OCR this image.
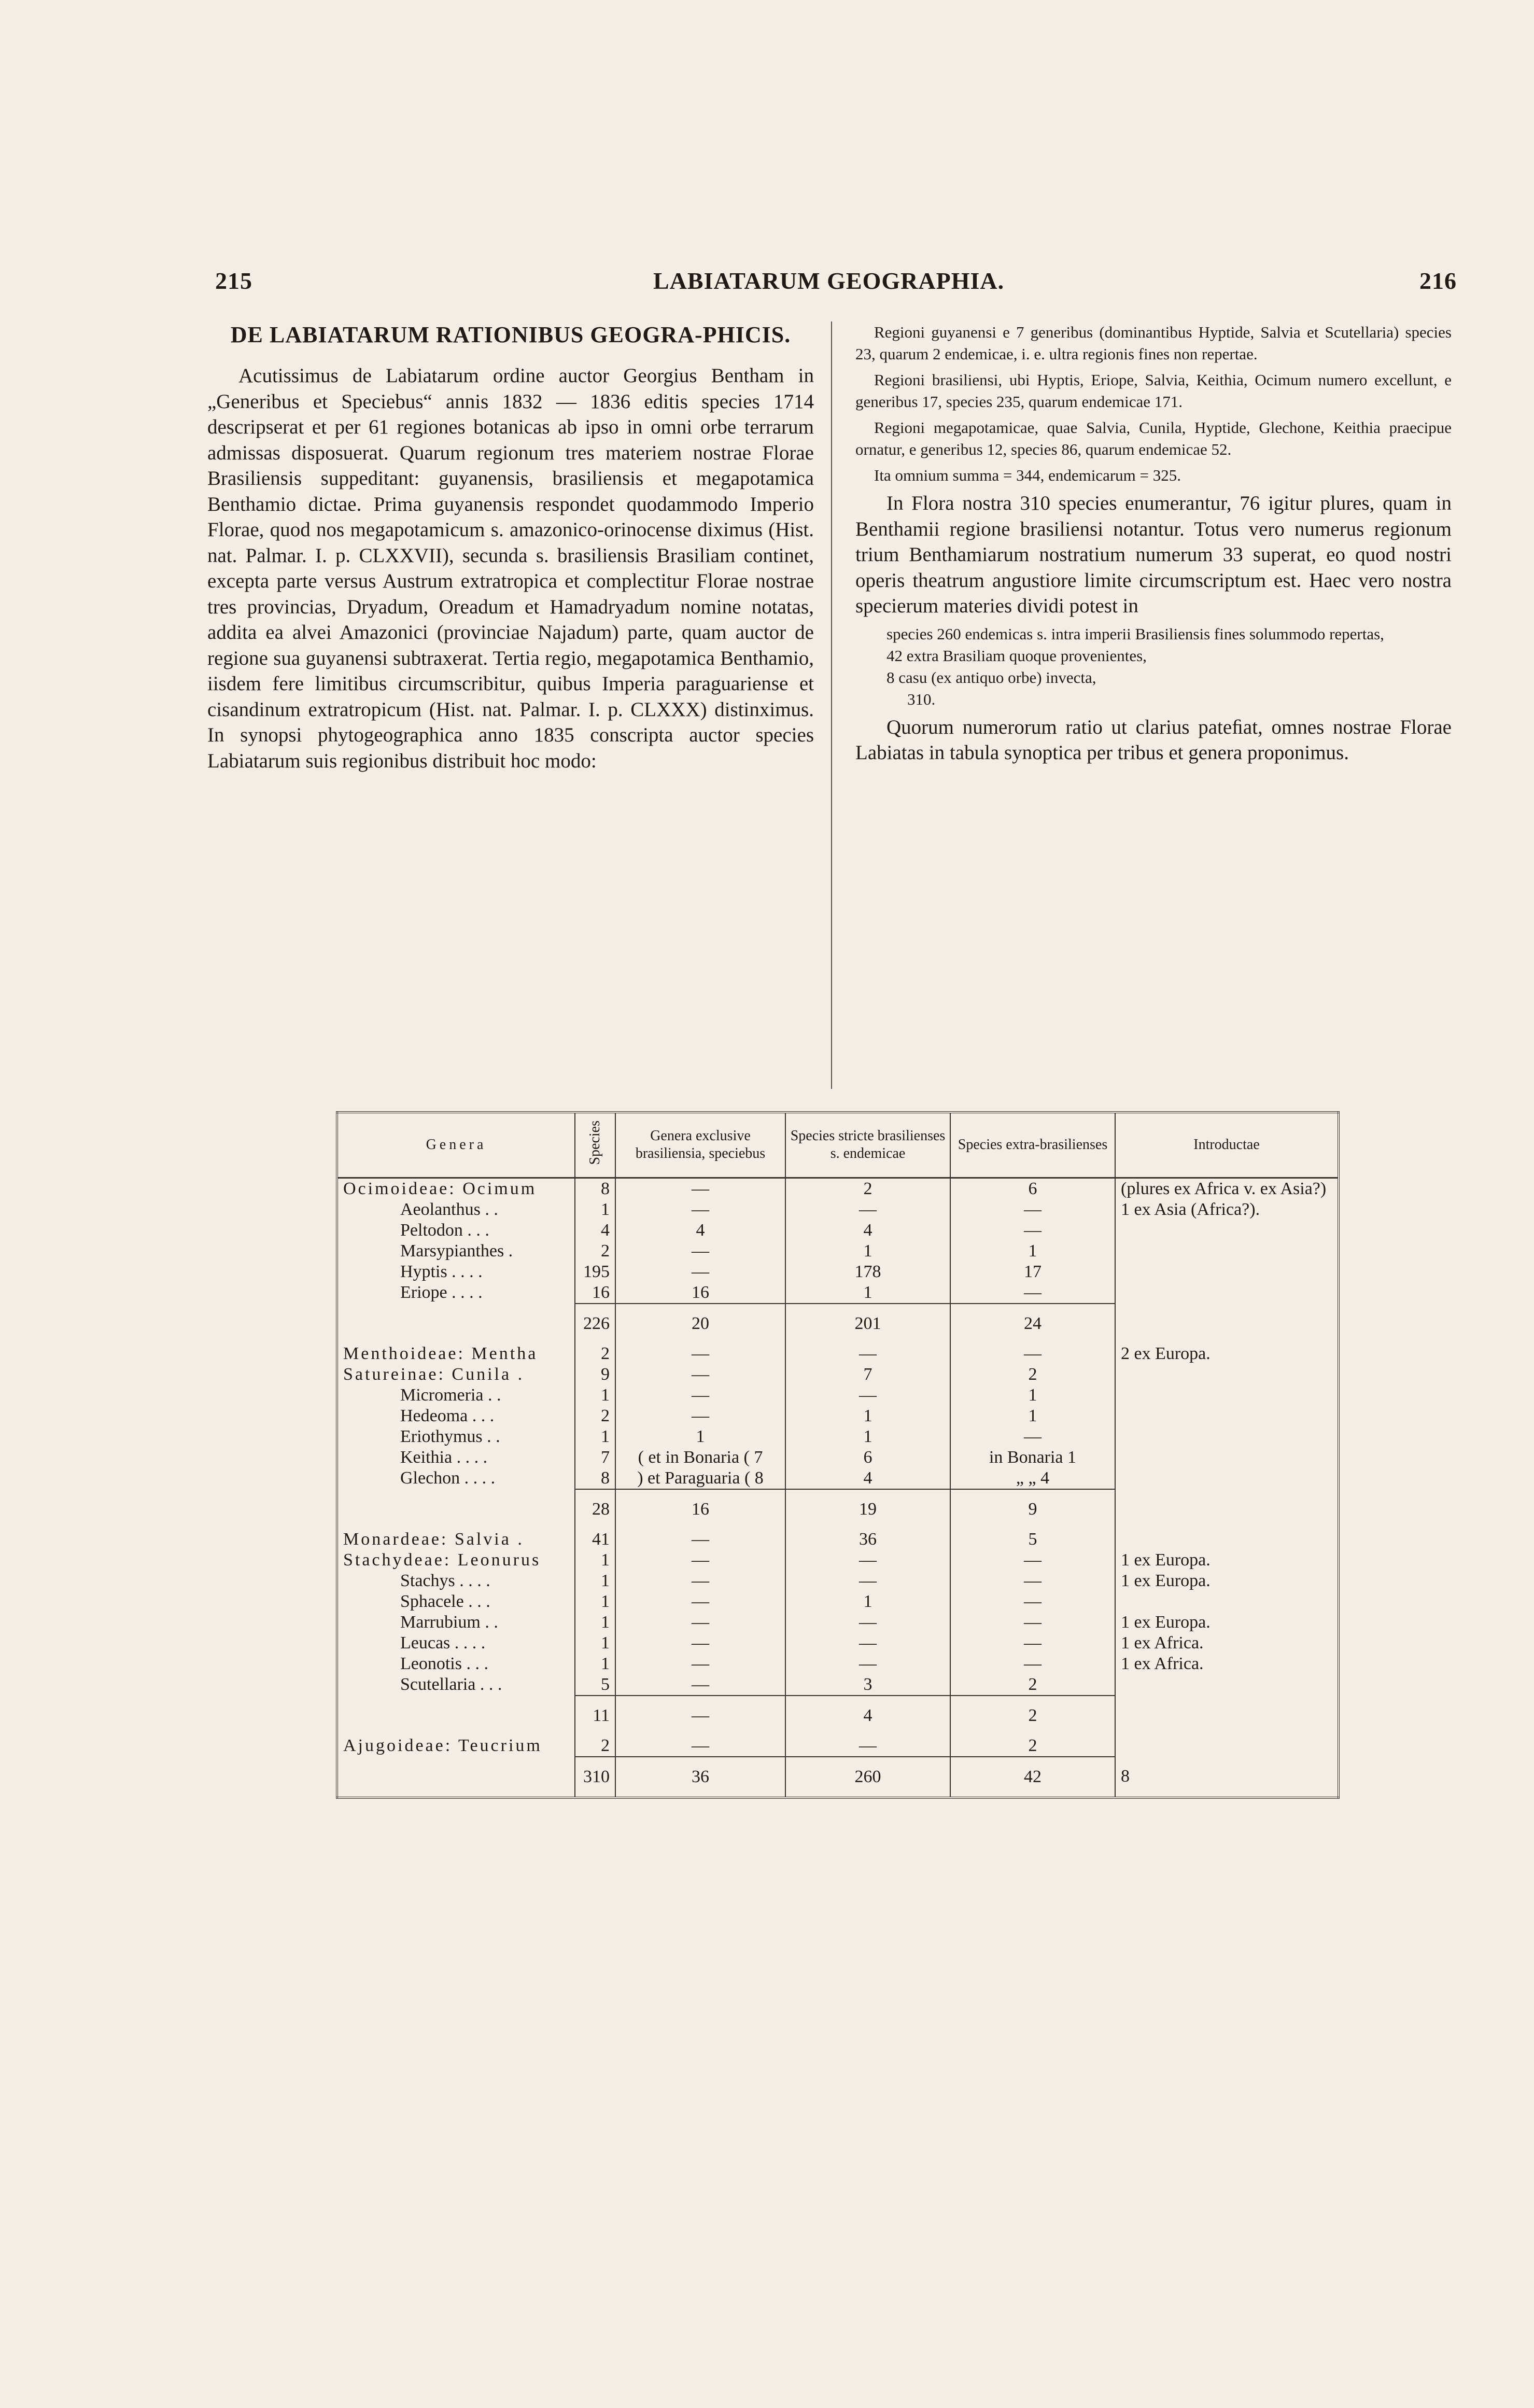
215	LABIATARUM GEOGRAPHIA.	216
DE LABIATARUM RATIONIBUS GEOGRA-PHICIS.

Acutissimus de Labiatarum ordine auctor Georgius Bentham in „Generibus et Speciebus“ annis 1832 — 1836 editis species 1714 descripserat et per 61 regiones botanicas ab ipso in omni orbe terrarum admissas disposuerat. Quarum regionum tres materiem nostrae Florae Brasiliensis suppeditant: guyanensis, brasiliensis et megapotamica Benthamio dictae. Prima guyanensis respondet quodammodo Imperio Florae, quod nos megapotamicum s. amazonico-orinocense diximus (Hist. nat. Palmar. I. p. CLXXVII), secunda s. brasiliensis Brasiliam continet, excepta parte versus Austrum extratropica et complectitur Florae nostrae tres provincias, Dryadum, Oreadum et Hamadryadum nomine notatas, addita ea alvei Amazonici (provinciae Najadum) parte, quam auctor de regione sua guyanensi subtraxerat. Tertia regio, megapotamica Benthamio, iisdem fere limitibus circumscribitur, quibus Imperia paraguariense et cisandinum extratropicum (Hist. nat. Palmar. I. p. CLXXX) distinximus. In synopsi phytogeographica anno 1835 conscripta auctor species Labiatarum suis regionibus distribuit hoc modo:

Regioni guyanensi e 7 generibus (dominantibus Hyptide, Salvia et Scutellaria) species 23, quarum 2 endemicae, i. e. ultra regionis fines non repertae.

Regioni brasiliensi, ubi Hyptis, Eriope, Salvia, Keithia, Ocimum numero excellunt, e generibus 17, species 235, quarum endemicae 171.

Regioni megapotamicae, quae Salvia, Cunila, Hyptide, Glechone, Keithia praecipue ornatur, e generibus 12, species 86, quarum endemicae 52.

Ita omnium summa = 344, endemicarum = 325.

In Flora nostra 310 species enumerantur, 76 igitur plures, quam in Benthamii regione brasiliensi notantur. Totus vero numerus regionum trium Benthamiarum nostratium numerum 33 superat, eo quod nostri operis theatrum angustiore limite circumscriptum est. Haec vero nostra specierum materies dividi potest in

species 260 endemicas s. intra imperii Brasiliensis fines solummodo repertas,
42 extra Brasiliam quoque provenientes,
8 casu (ex antiquo orbe) invecta,
310.

Quorum numerorum ratio ut clarius pateﬁat, omnes nostrae Florae Labiatas in tabula synoptica per tribus et genera proponimus.

Genera	Species	Genera exclusive brasiliensia, speciebus	Species stricte brasilienses s. endemicae	Species extra-brasilienses	Introductae
Ocimoideae: Ocimum	8	—	2	6	(plures ex Africa v. ex Asia?)
Aeolanthus . .	1	—	—	—	1 ex Asia (Africa?).
Peltodon . . .	4	4	4	—	
Marsypianthes .	2	—	1	1	
Hyptis . . . .	195	—	178	17	
Eriope . . . .	16	16	1	—	
	226	20	201	24	
Menthoideae: Mentha	2	—	—	—	2 ex Europa.
Satureinae: Cunila .	9	—	7	2	
Micromeria . .	1	—	—	1	
Hedeoma . . .	2	—	1	1	
Eriothymus . .	1	1	1	—	
Keithia . . . .	7	( et in Bonaria ( 7	6	in Bonaria 1	
Glechon . . . .	8	) et Paraguaria ( 8	4	„ „ 4	
	28	16	19	9	
Monardeae: Salvia .	41	—	36	5	
Stachydeae: Leonurus	1	—	—	—	1 ex Europa.
Stachys . . . .	1	—	—	—	1 ex Europa.
Sphacele . . .	1	—	1	—	
Marrubium . .	1	—	—	—	1 ex Europa.
Leucas . . . .	1	—	—	—	1 ex Africa.
Leonotis . . .	1	—	—	—	1 ex Africa.
Scutellaria . . .	5	—	3	2	
	11	—	4	2	
Ajugoideae: Teucrium	2	—	—	2	
	310	36	260	42	8
